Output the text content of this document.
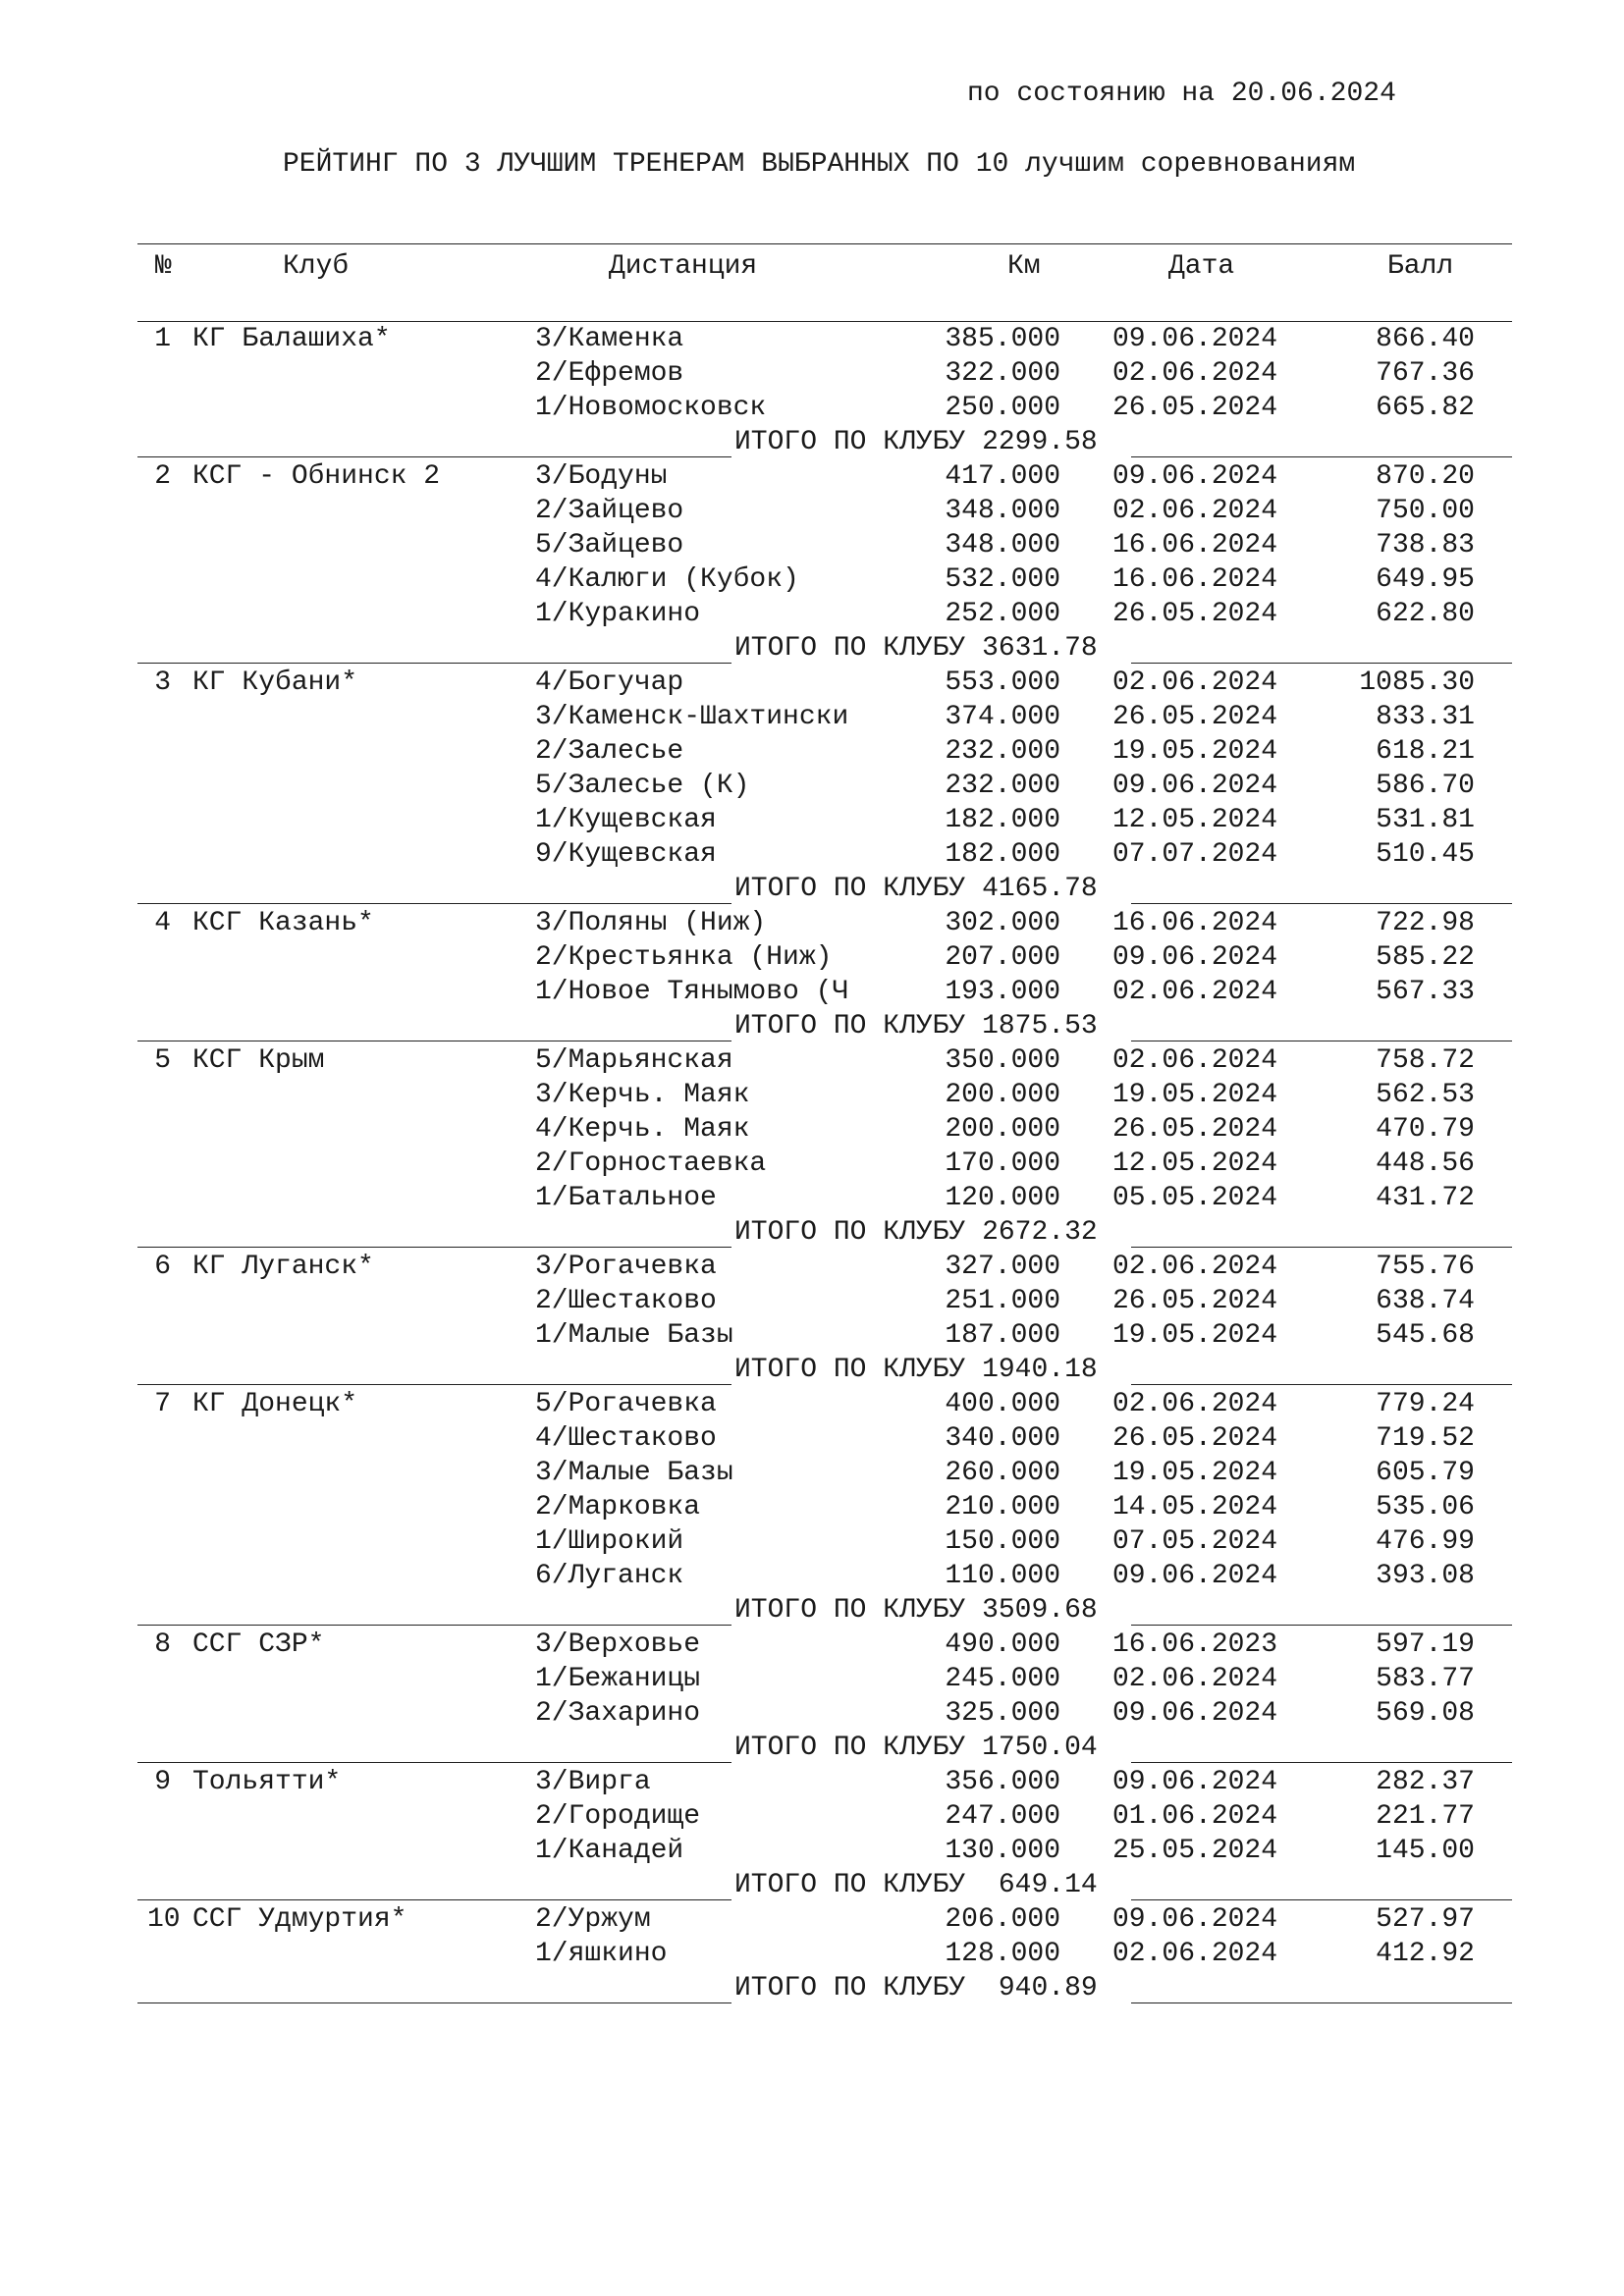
по состоянию на 20.06.2024
РЕЙТИНГ ПО 3 ЛУЧШИМ ТРЕНЕРАМ ВЫБРАННЫХ ПО 10 лучшим соревнованиям
№	Клуб	Дистанция	Км	Дата	Балл
1 КГ Балашиха*	3/Каменка	385.000 09.06.2024	866.40
2/Ефремов	322.000 02.06.2024	767.36
1/Новомосковск	250.000 26.05.2024	665.82
ИТОГО ПО КЛУБУ 2299.58
2 КСГ - Обнинск 2	3/Бодуны	417.000 09.06.2024	870.20
2/Зайцево	348.000 02.06.2024	750.00
5/Зайцево	348.000 16.06.2024	738.83
4/Калюги (Кубок)	532.000 16.06.2024	649.95
1/Куракино	252.000 26.05.2024	622.80
ИТОГО ПО КЛУБУ 3631.78
3 КГ Кубани*	4/Богучар	553.000 02.06.2024	1085.30
3/Каменск-Шахтински	374.000 26.05.2024	833.31
2/Залесье	232.000 19.05.2024	618.21
5/Залесье (К)	232.000 09.06.2024	586.70
1/Кущевская	182.000 12.05.2024	531.81
9/Кущевская	182.000 07.07.2024	510.45
ИТОГО ПО КЛУБУ 4165.78
4 КСГ Казань*	3/Поляны (Ниж)	302.000 16.06.2024	722.98
2/Крестьянка (Ниж)	207.000 09.06.2024	585.22
1/Новое Тянымово (Ч	193.000 02.06.2024	567.33
ИТОГО ПО КЛУБУ 1875.53
5 КСГ Крым	5/Марьянская	350.000 02.06.2024	758.72
3/Керчь. Маяк	200.000 19.05.2024	562.53
4/Керчь. Маяк	200.000 26.05.2024	470.79
2/Горностаевка	170.000 12.05.2024	448.56
1/Батальное	120.000 05.05.2024	431.72
ИТОГО ПО КЛУБУ 2672.32
6 КГ Луганск*	3/Рогачевка	327.000 02.06.2024	755.76
2/Шестаково	251.000 26.05.2024	638.74
1/Малые Базы	187.000 19.05.2024	545.68
ИТОГО ПО КЛУБУ 1940.18
7 КГ Донецк*	5/Рогачевка	400.000 02.06.2024	779.24
4/Шестаково	340.000 26.05.2024	719.52
3/Малые Базы	260.000 19.05.2024	605.79
2/Марковка	210.000 14.05.2024	535.06
1/Широкий	150.000 07.05.2024	476.99
6/Луганск	110.000 09.06.2024	393.08
ИТОГО ПО КЛУБУ 3509.68
8 ССГ СЗР*	3/Верховье	490.000 16.06.2023	597.19
1/Бежаницы	245.000 02.06.2024	583.77
2/Захарино	325.000 09.06.2024	569.08
ИТОГО ПО КЛУБУ 1750.04
9 Тольятти*	3/Вирга	356.000 09.06.2024	282.37
2/Городище	247.000 01.06.2024	221.77
1/Канадей	130.000 25.05.2024	145.00
ИТОГО ПО КЛУБУ  649.14
10 ССГ Удмуртия*	2/Уржум	206.000 09.06.2024	527.97
1/яшкино	128.000 02.06.2024	412.92
ИТОГО ПО КЛУБУ  940.89
